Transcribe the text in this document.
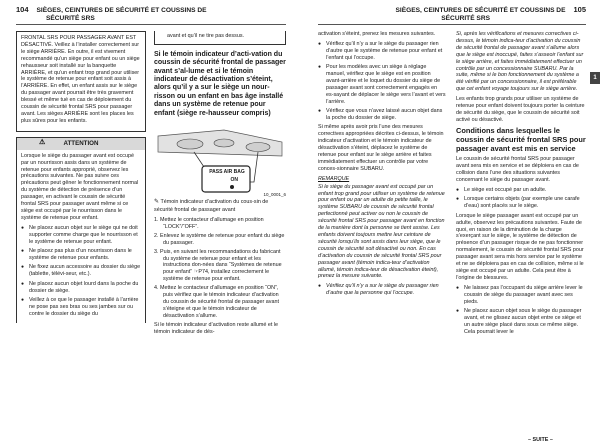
104 SIÈGES, CEINTURES DE SÉCURITÉ ET COUSSINS DE
SÉCURITÉ SRS
SIÈGES, CEINTURES DE SÉCURITÉ ET COUSSINS DE 105
SÉCURITÉ SRS
1

FRONTAL SRS POUR PASSAGER AVANT EST DÉSACTIVÉ. Veillez à l’installer correctement sur le siège ARRIÈRE. En outre, il est vivement recommandé qu’un siège pour enfant ou un siège rehausseur soit installé sur la banquette ARRIÈRE, et qu’un enfant trop grand pour utiliser le système de retenue pour enfant soit assis à l’ARRIÈRE. En effet, un enfant assis sur le siège du passager avant pourrait être très gravement blessé et même tué en cas de déploiement du coussin de sécurité frontal SRS pour passager avant. Les sièges ARRIÈRE sont les places les plus sûres pour les enfants.

⚠	ATTENTION

Lorsque le siège du passager avant est occupé par un nourrisson assis dans un système de retenue pour enfants approprié, observez les précautions suivantes. Ne pas suivre ces précautions peut gêner le fonctionnement normal du système de détection de présence d’un passager, en activant le coussin de sécurité frontal SRS pour passager avant même si ce siège est occupé par le nourrisson dans le système de retenue pour enfant.

● Ne placez aucun objet sur le siège qui ne doit supporter comme charge que le nourrisson et le système de retenue pour enfant.

● Ne placez pas plus d’un nourrisson dans le système de retenue pour enfants.

● Ne fixez aucun accessoire au dossier du siège (tablette, télévi-seur, etc.).

● Ne placez aucun objet lourd dans la poche du dossier de siège.

● Veillez à ce que le passager installé à l’arrière ne pose pas ses bras ou ses jambes sur ou contre le dossier du siège du

avant et qu’il ne tire pas dessus.

Si le témoin indicateur d’acti-vation du coussin de sécurité frontal de passager avant s’al-lume et si le témoin indicateur de désactivation s’éteint, alors qu’il y a sur le siège un nour-risson ou un enfant en bas âge installé dans un système de retenue pour enfant (siège re-hausseur compris)

PASS AIR BAG
ON
10_0001_6

✎ Témoin indicateur d’activation du cous-sin de sécurité frontal de passager avant

1. Mettez le contacteur d’allumage en position “LOCK”/“OFF”.

2. Enlevez le système de retenue pour enfant du siège du passager.

3. Puis, en suivant les recommandations du fabricant du système de retenue pour enfant et les instructions don-nées dans “Systèmes de retenue pour enfant” ☞P74, installez correctement le système de retenue pour enfant.

4. Mettez le contacteur d’allumage en position “ON”, puis vérifiez que le témoin indicateur d’activation du coussin de sécurité frontal de passager avant s’éteigne et que le témoin indicateur de désactivation s’allume.

Si le témoin indicateur d’activation reste allumé et le témoin indicateur de dés-

activation s’éteint, prenez les mesures suivantes.

● Vérifiez qu’il n’y a sur le siège du passager rien d’autre que le système de retenue pour enfant et l’enfant qui l’occupe.

● Pour les modèles avec un siège à réglage manuel, vérifiez que le siège est en position avant-arrière et le loquet du dossier du siège de passager avant sont correctement engagés en es-sayant de déplacer le siège vers l’avant et vers l’arrière.

● Vérifiez que vous n’avez laissé aucun objet dans la poche du dossier de siège.

Si même après avoir pris l’une des mesures correctives appropriées décrites ci-dessus, le témoin indicateur d’activation et le témoin indicateur de désactivation s’éteint, déplacez le système de retenue pour enfant sur le siège arrière et faites immédiatement effectuer un contrôle par votre conces-sionnaire SUBARU.

REMARQUE

Si le siège du passager avant est occupé par un enfant trop grand pour utiliser un système de retenue pour enfant ou par un adulte de petite taille, le système SUBARU de coussin de sécurité frontal perfectionné peut activer ou non le coussin de sécurité frontal SRS pour passager avant en fonction de la manière dont la personne se tient assise. Les enfants doivent toujours mettre leur ceinture de sécurité lorsqu’ils sont assis dans leur siège, que le coussin de sécurité soit désactivé ou non. En cas d’activation du coussin de sécurité frontal SRS pour passager avant (témoin indica-teur d’activation allumé, témoin indica-teur de désactivation éteint), prenez la mesure suivante.

● Vérifiez qu’il n’y a sur le siège du passager rien d’autre que la personne qui l’occupe.

Si, après les vérifications et mesures correctives ci-dessus, le témoin indica-teur d’activation du coussin de sécurité frontal de passager avant s’allume alors que le siège est inoccupé, faites s’asseoir l’enfant sur le siège arrière, et faites immédiatement effectuer un contrôle par un concessionnaire SUBARU. Par la suite, même si le bon fonctionnement du système a été vérifié par un concessionnaire, il est préférable que cet enfant voyage toujours sur le siège arrière.

Les enfants trop grands pour utiliser un système de retenue pour enfant doivent toujours porter la ceinture de sécurité du siège, que le coussin de sécurité soit activé ou désactivé.

Conditions dans lesquelles le coussin de sécurité frontal SRS pour passager avant est mis en service

Le coussin de sécurité frontal SRS pour passager avant sera mis en service et se déploiera en cas de collision dans l’une des situations suivantes concernant le siège du passager avant.

● Le siège est occupé par un adulte.

● Lorsque certains objets (par exemple une carafe d’eau) sont placés sur le siège.

Lorsque le siège passager avant est occupé par un adulte, observez les précautions suivantes. Faute de quoi, en raison de la diminution de la charge s’exerçant sur le siège, le système de détection de présence d’un passager risque de ne pas fonctionner normalement, le coussin de sécurité frontal SRS pour passager avant sera mis hors service par le système et ne se déploiera pas en cas de collision, même si le siège est occupé par un adulte. Cela peut être à l’origine de blessures.

● Ne laissez pas l’occupant du siège arrière lever le coussin de siège du passager avant avec ses pieds.

● Ne placez aucun objet sous le siège du passager avant, et ne glissez aucun objet entre ce siège et un autre siège placé dans sous ce même siège. Cela pourrait lever le

– SUITE –
